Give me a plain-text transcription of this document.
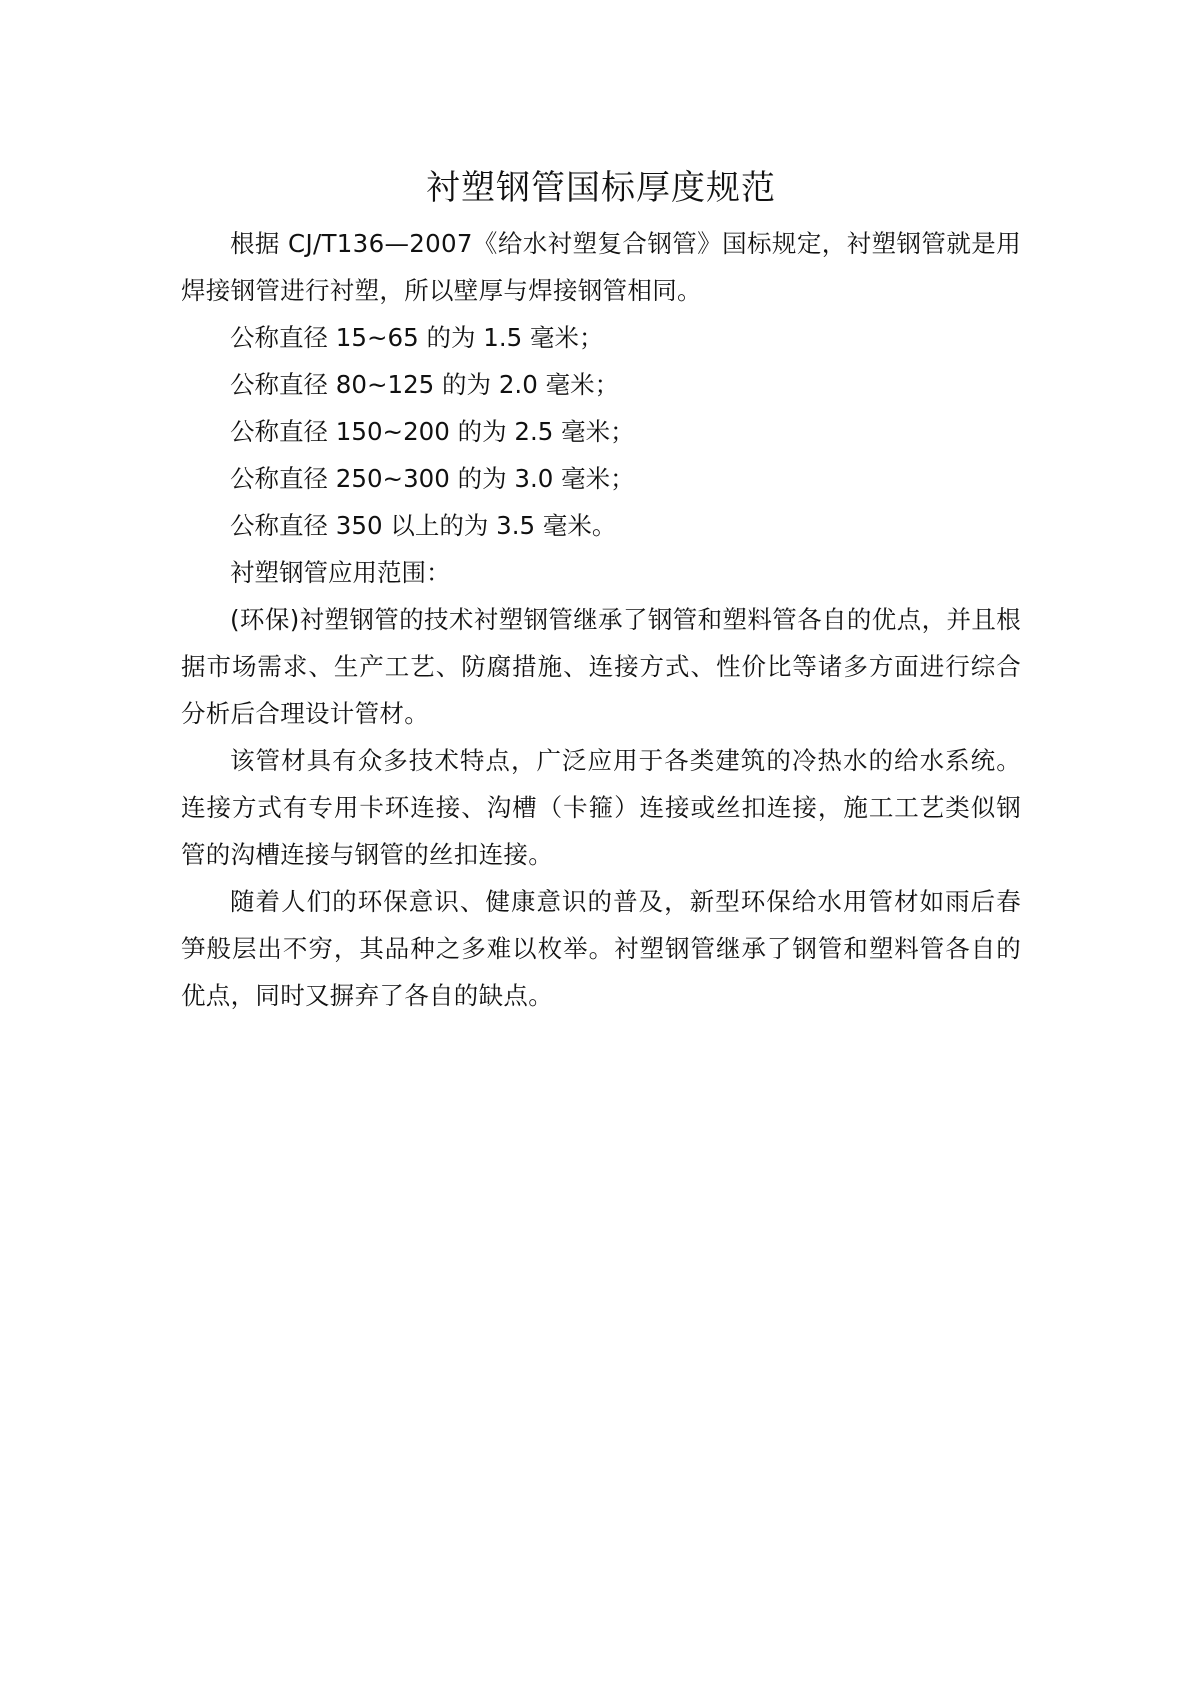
衬塑钢管国标厚度规范

根据 CJ/T136—2007《给水衬塑复合钢管》国标规定，衬塑钢管就是用焊接钢管进行衬塑，所以壁厚与焊接钢管相同。

公称直径 15~65 的为 1.5 毫米；

公称直径 80~125 的为 2.0 毫米；

公称直径 150~200 的为 2.5 毫米；

公称直径 250~300 的为 3.0 毫米；

公称直径 350 以上的为 3.5 毫米。

衬塑钢管应用范围：

(环保)衬塑钢管的技术衬塑钢管继承了钢管和塑料管各自的优点，并且根据市场需求、生产工艺、防腐措施、连接方式、性价比等诸多方面进行综合分析后合理设计管材。

该管材具有众多技术特点，广泛应用于各类建筑的冷热水的给水系统。连接方式有专用卡环连接、沟槽（卡箍）连接或丝扣连接，施工工艺类似钢管的沟槽连接与钢管的丝扣连接。

随着人们的环保意识、健康意识的普及，新型环保给水用管材如雨后春笋般层出不穷，其品种之多难以枚举。衬塑钢管继承了钢管和塑料管各自的优点，同时又摒弃了各自的缺点。
